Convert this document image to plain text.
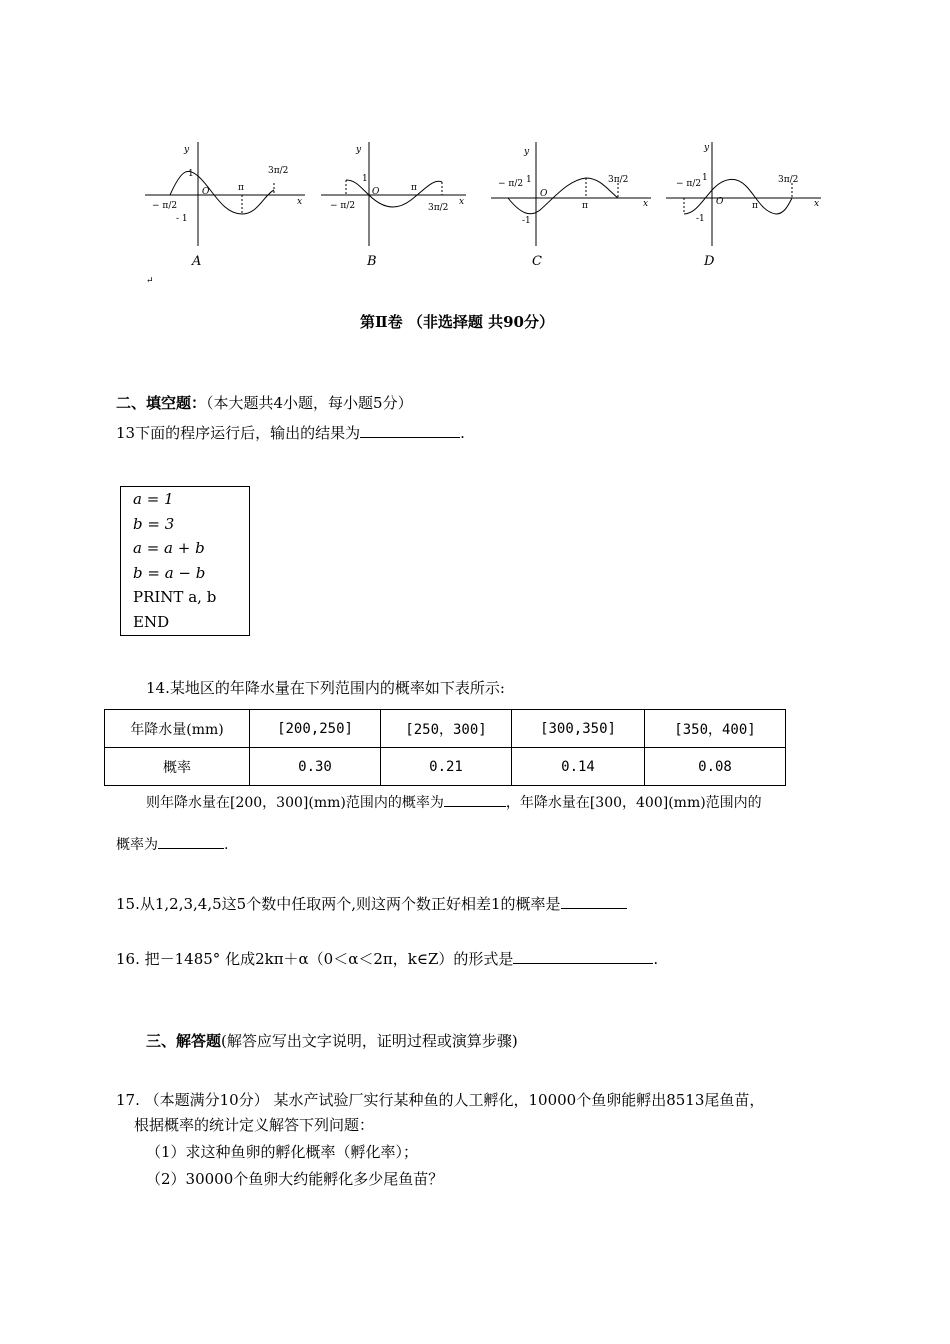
y
x
O
1
- 1
− π/2
π
3π/2
y
x
O
1
− π/2
π
3π/2
y
x
O
1
-1
− π/2
π
3π/2
y
x
O
1
-1
− π/2
π
3π/2
A	B	C	D
↵
第Ⅱ卷 （非选择题 共90分）
二、填空题：（本大题共4小题，每小题5分）
13下面的程序运行后，输出的结果为	.
a = 1
b = 3
a = a + b
b = a − b
PRINT a, b
END
14.某地区的年降水量在下列范围内的概率如下表所示:
年降水量(mm)	[200,250]	[250，300]	[300,350]	[350，400]
概率	0.30	0.21	0.14	0.08
则年降水量在[200，300](mm)范围内的概率为	，年降水量在[300，400](mm)范围内的
概率为	.
15.从1,2,3,4,5这5个数中任取两个,则这两个数正好相差1的概率是
16. 把－1485° 化成2kπ＋α（0＜α＜2π，k∈Z）的形式是	.
三、解答题(解答应写出文字说明，证明过程或演算步骤)
17. （本题满分10分） 某水产试验厂实行某种鱼的人工孵化，10000个鱼卵能孵出8513尾鱼苗，
根据概率的统计定义解答下列问题：
（1）求这种鱼卵的孵化概率（孵化率）；
（2）30000个鱼卵大约能孵化多少尾鱼苗？
